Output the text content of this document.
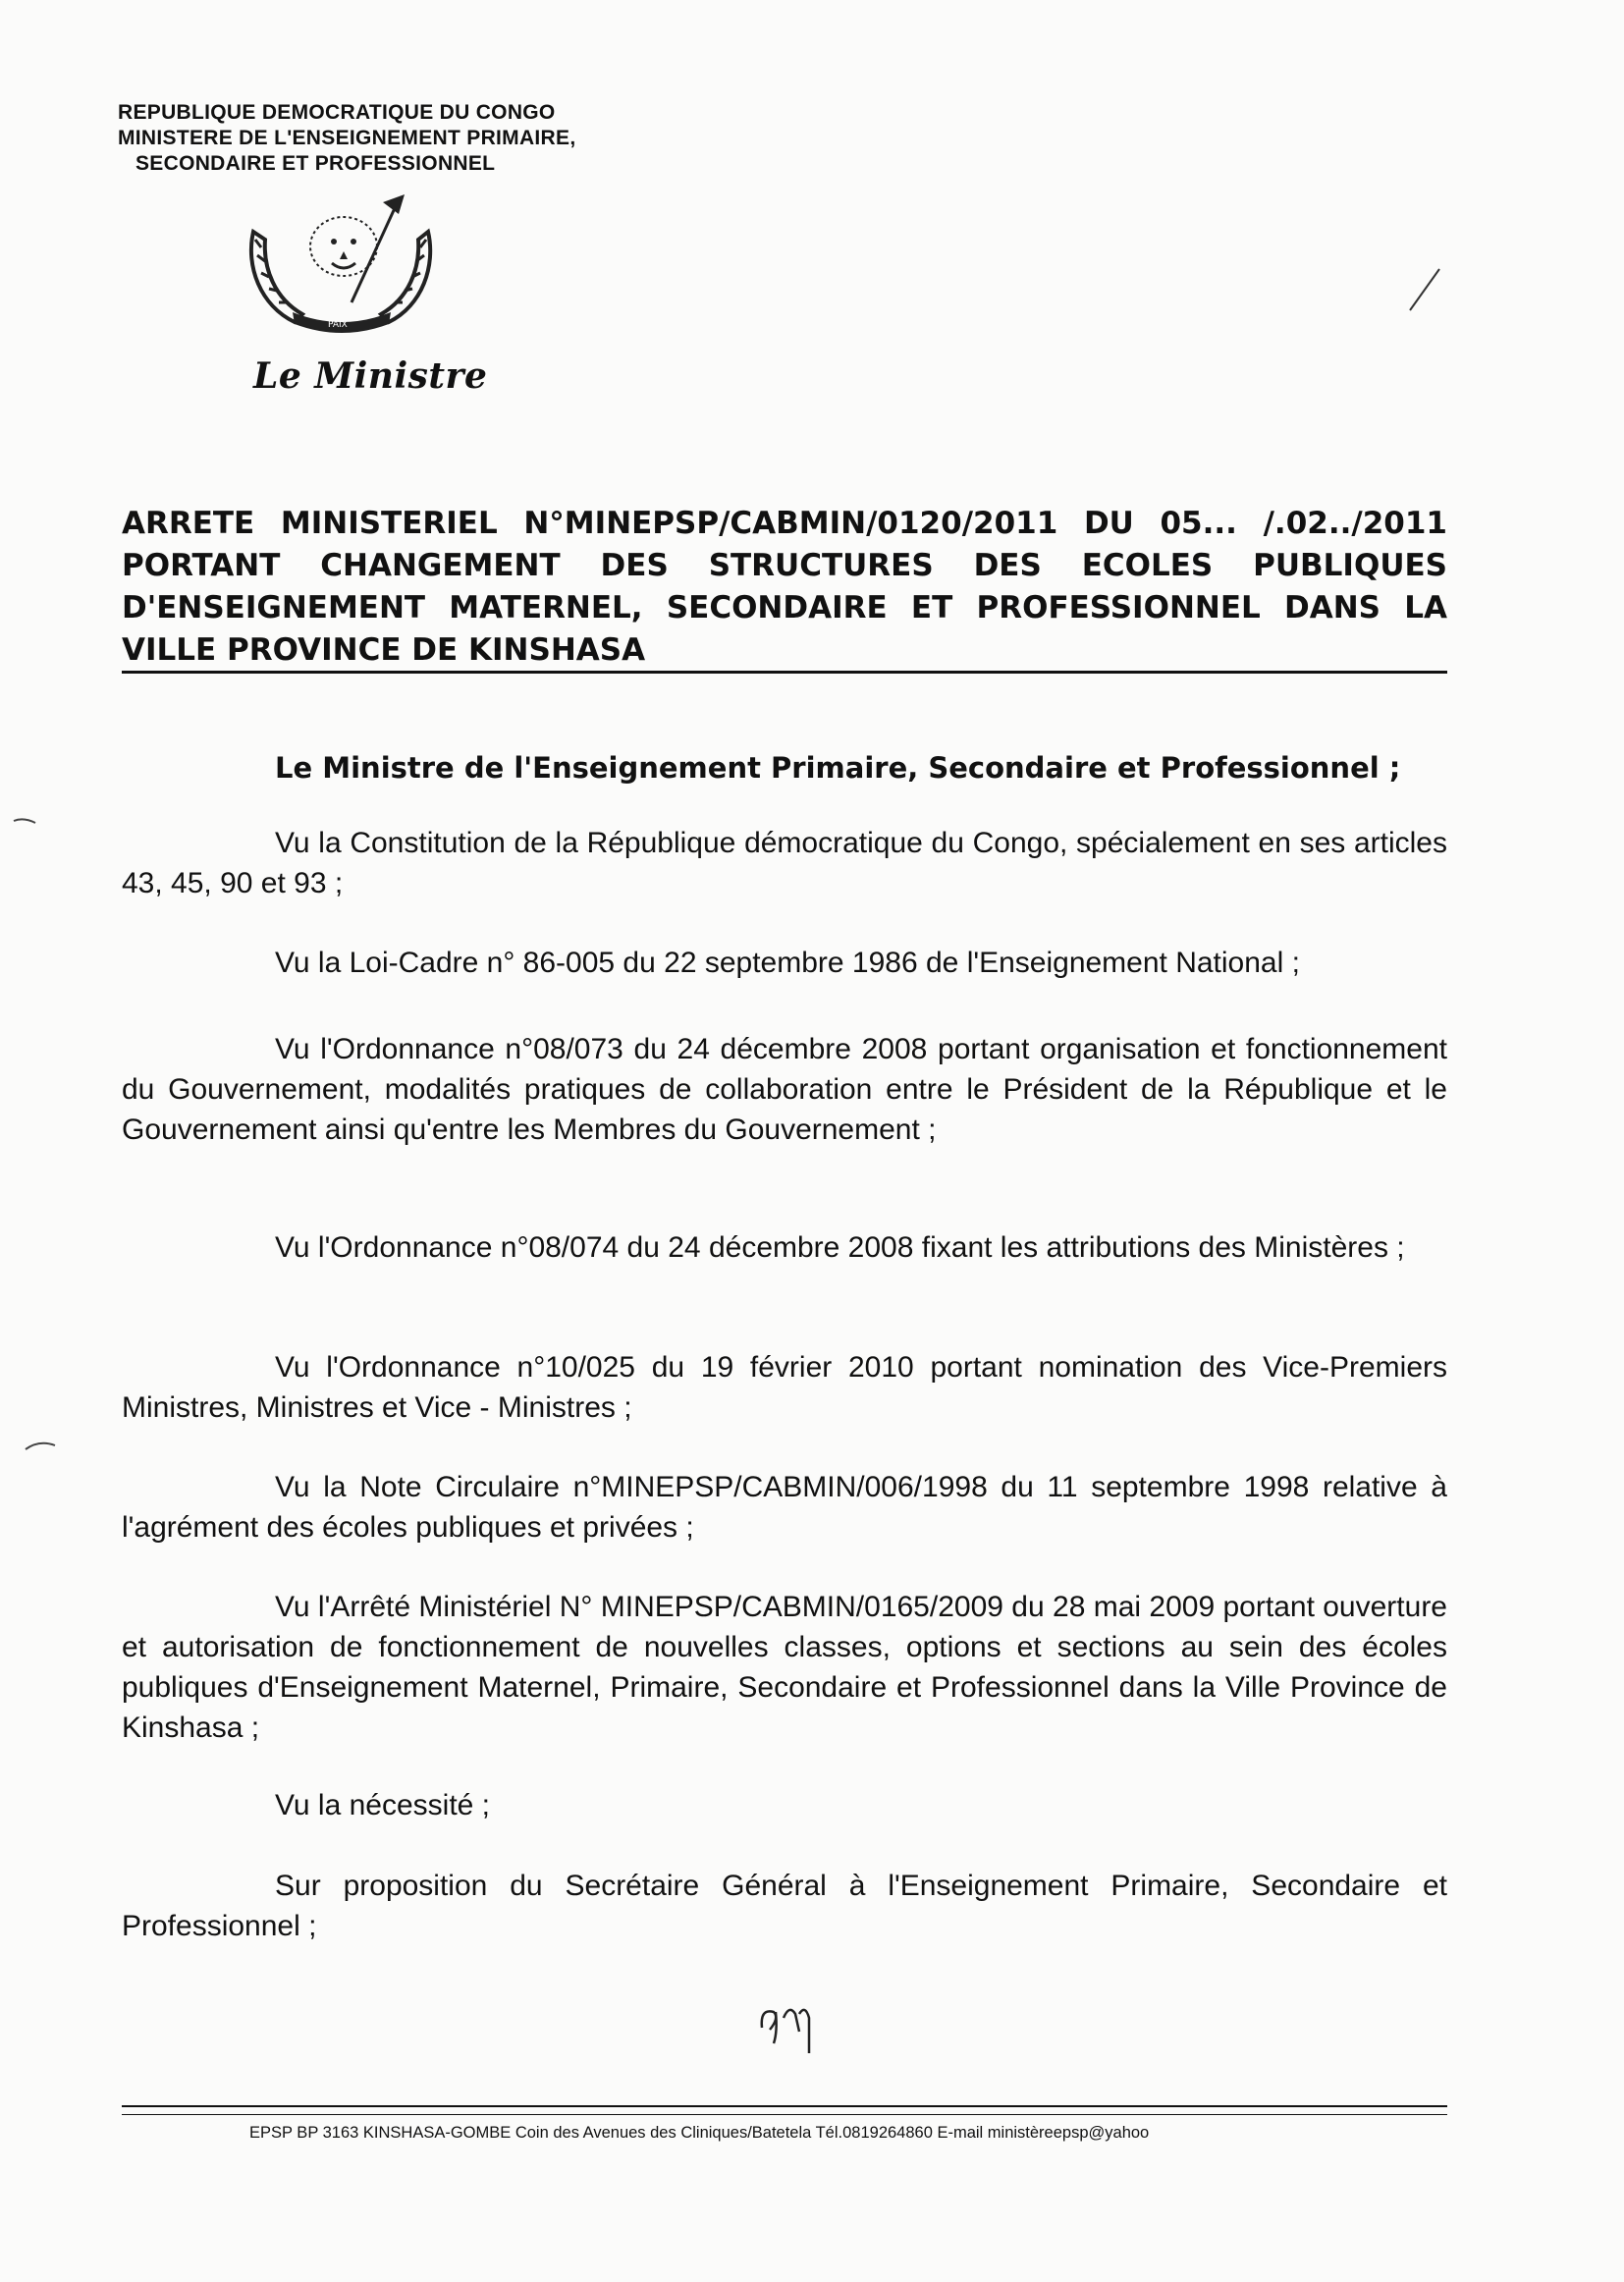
REPUBLIQUE DEMOCRATIQUE DU CONGO
MINISTERE DE L'ENSEIGNEMENT PRIMAIRE,
SECONDAIRE ET PROFESSIONNEL
PAIX
Le Ministre
ARRETE MINISTERIEL N°MINEPSP/CABMIN/0120/2011 DU 05... /.02../2011
PORTANT CHANGEMENT DES STRUCTURES DES ECOLES PUBLIQUES
D'ENSEIGNEMENT MATERNEL, SECONDAIRE ET PROFESSIONNEL DANS LA
VILLE PROVINCE DE KINSHASA
Le Ministre de l'Enseignement Primaire, Secondaire et Professionnel ;

Vu la Constitution de la République démocratique du Congo, spécialement en ses articles 43, 45, 90 et 93 ;

Vu la Loi-Cadre n° 86-005 du 22 septembre 1986 de l'Enseignement National ;

Vu l'Ordonnance n°08/073 du 24 décembre 2008 portant organisation et fonctionnement du Gouvernement, modalités pratiques de collaboration entre le Président de la République et le Gouvernement ainsi qu'entre les Membres du Gouvernement ;

Vu l'Ordonnance n°08/074 du 24 décembre 2008 fixant les attributions des Ministères ;

Vu l'Ordonnance n°10/025 du 19 février 2010 portant nomination des Vice-Premiers Ministres, Ministres et Vice - Ministres ;

Vu la Note Circulaire n°MINEPSP/CABMIN/006/1998 du 11 septembre 1998 relative à l'agrément des écoles publiques et privées ;

Vu l'Arrêté Ministériel N° MINEPSP/CABMIN/0165/2009 du 28 mai 2009 portant ouverture et autorisation de fonctionnement de nouvelles classes, options et sections au sein des écoles publiques d'Enseignement Maternel, Primaire, Secondaire et Professionnel dans la Ville Province de Kinshasa ;

Vu la nécessité ;

Sur proposition du Secrétaire Général à l'Enseignement Primaire, Secondaire et Professionnel ;

EPSP BP 3163 KINSHASA-GOMBE Coin des Avenues des Cliniques/Batetela Tél.0819264860 E-mail ministèreepsp@yahoo
